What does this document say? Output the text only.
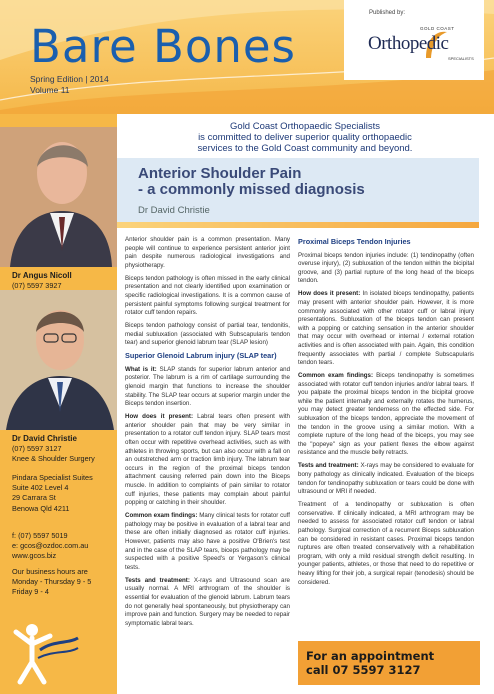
Bare Bones
Spring Edition | 2014
Volume 11
Published by:
GOLD COAST
Orthopedic
SPECIALISTS
Dr Angus Nicoll
(07) 5597 3927
Dr David Christie
(07) 5597 3127
Knee & Shoulder Surgery
Pindara Specialist Suites
Suite 402 Level 4
29 Carrara St
Benowa Qld 4211
f: (07) 5597 5019
e: gcos@ozdoc.com.au
www.gcos.biz
Our business hours are
Monday - Thursday 9 - 5
Friday 9 - 4
Gold Coast Orthopaedic Specialists
is committed to deliver superior quality orthopaedic
services to the Gold Coast community and beyond.
Anterior Shoulder Pain
- a commonly missed diagnosis
Dr David Christie

Anterior shoulder pain is a common presentation. Many people will continue to experience persistent anterior joint pain despite numerous radiological investigations and physiotherapy.

Biceps tendon pathology is often missed in the early clinical presentation and not clearly identified upon examination or specific radiological investigations. It is a common cause of persistent painful symptoms following surgical treatment for rotator cuff tendon repairs.

Biceps tendon pathology consist of partial tear, tendonitis, medial subluxation (associated with Subscapularis tendon tear) and superior glenoid labrum tear (SLAP lesion)

Superior Glenoid Labrum injury (SLAP tear)

What is it: SLAP stands for superior labrum anterior and posterior. The labrum is a rim of cartilage surrounding the glenoid margin that functions to increase the shoulder stability. The SLAP tear occurs at superior margin under the Biceps tendon insertion.

How does it present: Labral tears often present with anterior shoulder pain that may be very similar in presentation to a rotator cuff tendon injury. SLAP tears most often occur with repetitive overhead activities, such as with athletes in throwing sports, but can also occur with a fall on an outstretched arm or traction limb injury. The labrum tear occurs in the region of the proximal biceps tendon attachment causing referred pain down into the Biceps muscle. In addition to complaints of pain similar to rotator cuff injuries, these patients may complain about painful popping or catching in their shoulder.

Common exam findings: Many clinical tests for rotator cuff pathology may be positive in evaluation of a labral tear and these are often initially diagnosed as rotator cuff injuries. However, patients may also have a positive O'Brien's test and in the case of the SLAP tears, biceps pathology may be suspected with a positive Speed's or Yergason's clinical tests.

Tests and treatment: X-rays and Ultrasound scan are usually normal. A MRI arthrogram of the shoulder is essential for evaluation of the glenoid labrum. Labrum tears do not generally heal spontaneously, but physiotherapy can improve pain and function. Surgery may be needed to repair symptomatic labral tears.

Proximal Biceps Tendon Injuries

Proximal biceps tendon injuries include: (1) tendinopathy (often overuse injury), (2) subluxation of the tendon within the bicipital groove, and (3) partial rupture of the long head of the biceps tendon.

How does it present: In isolated biceps tendinopathy, patients may present with anterior shoulder pain. However, it is more commonly associated with other rotator cuff or labral injury presentations. Subluxation of the biceps tendon can present with a popping or catching sensation in the anterior shoulder that may occur with overhead or internal / external rotation activities and is often associated with pain. Again, this condition frequently associates with partial / complete Subscapularis tendon tears.

Common exam findings: Biceps tendinopathy is sometimes associated with rotator cuff tendon injuries and/or labral tears. If you palpate the proximal biceps tendon in the bicipital groove while the patient internally and externally rotates the humerus, you may detect greater tenderness on the effected side. For subluxation of the biceps tendon, appreciate the movement of the tendon in the groove using a similar motion. With a complete rupture of the long head of the biceps, you may see the "popeye" sign as your patient flexes the elbow against resistance and the muscle belly retracts.

Tests and treatment: X-rays may be considered to evaluate for bony pathology as clinically indicated. Evaluation of the biceps tendon for tendinopathy subluxation or tears could be done with ultrasound or MRI if needed.

Treatment of a tendinopathy or subluxation is often conservative. If clinically indicated, a MRI arthrogram may be needed to assess for associated rotator cuff tendon or labral pathology. Surgical correction of a recurrent Biceps subluxation can be considered in resistant cases. Proximal biceps tendon ruptures are often treated conservatively with a rehabilitation program, with only a mild residual strength deficit resulting. In younger patients, athletes, or those that need to do repetitive or heavy lifting for their job, a surgical repair (tenodesis) should be considered.

For an appointment
call 07 5597 3127
